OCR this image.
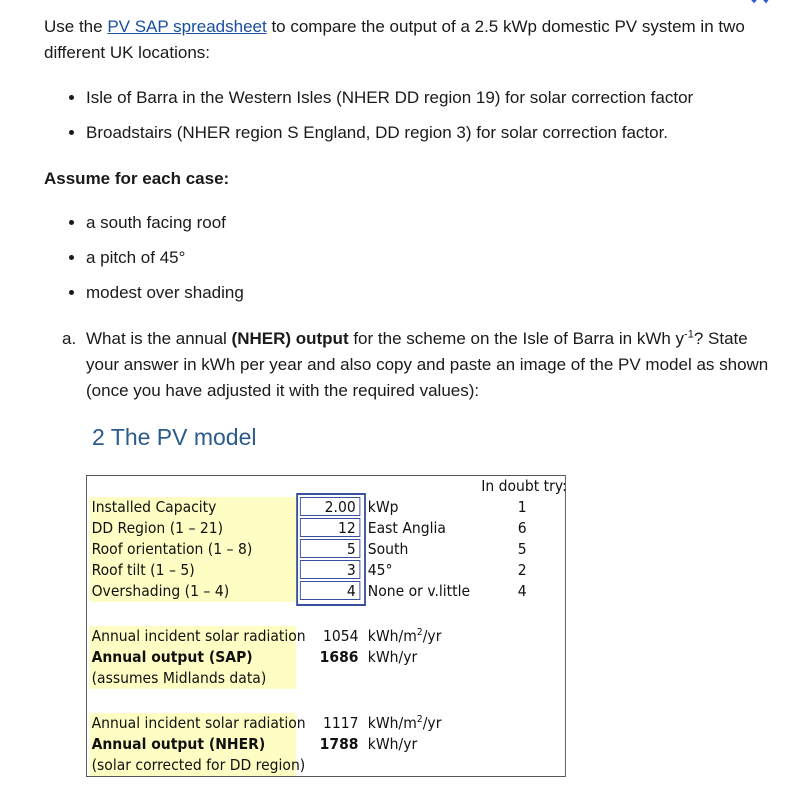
Use the PV SAP spreadsheet to compare the output of a 2.5 kWp domestic PV system in two different UK locations:

• Isle of Barra in the Western Isles (NHER DD region 19) for solar correction factor
• Broadstairs (NHER region S England, DD region 3) for solar correction factor.

Assume for each case:

• a south facing roof
• a pitch of 45°
• modest over shading
a. What is the annual (NHER) output for the scheme on the Isle of Barra in kWh $y^{-1}$? State your answer in kWh per year and also copy and paste an image of the PV model as shown (once you have adjusted it with the required values):

2 The PV model
In doubt try:
Installed Capacity
DD Region (1 – 21)
Roof orientation (1 – 8)
Roof tilt (1 – 5)
Overshading (1 – 4)
2.00
12
5
3
4
kWp
East Anglia
South
45°
None or v.little
1
6
5
2
4
Annual incident solar radiation
Annual output (SAP)
(assumes Midlands data)
1054
1686
kWh/$m^2/yr$
kWh/yr
Annual incident solar radiation
Annual output (NHER)
(solar corrected for DD region)
1117
1788
kWh/$m^2/yr$
kWh/yr
